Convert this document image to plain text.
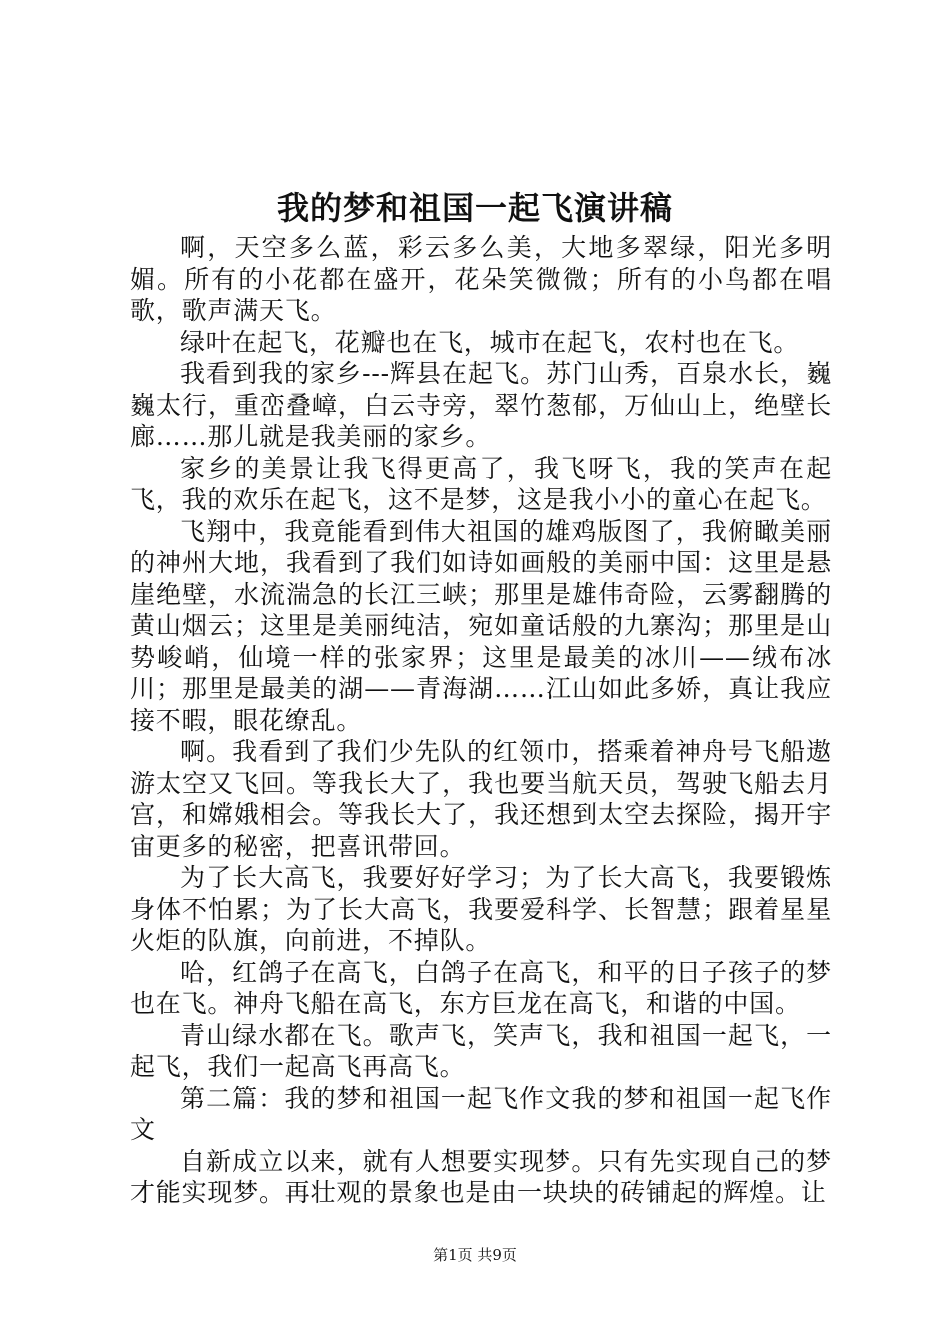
我的梦和祖国一起飞演讲稿

啊，天空多么蓝，彩云多么美，大地多翠绿，阳光多明媚。所有的小花都在盛开，花朵笑微微；所有的小鸟都在唱歌，歌声满天飞。

绿叶在起飞，花瓣也在飞，城市在起飞，农村也在飞。

我看到我的家乡---辉县在起飞。苏门山秀，百泉水长，巍巍太行，重峦叠嶂，白云寺旁，翠竹葱郁，万仙山上，绝壁长廊……那儿就是我美丽的家乡。

家乡的美景让我飞得更高了，我飞呀飞，我的笑声在起飞，我的欢乐在起飞，这不是梦，这是我小小的童心在起飞。

飞翔中，我竟能看到伟大祖国的雄鸡版图了，我俯瞰美丽的神州大地，我看到了我们如诗如画般的美丽中国：这里是悬崖绝壁，水流湍急的长江三峡；那里是雄伟奇险，云雾翻腾的黄山烟云；这里是美丽纯洁，宛如童话般的九寨沟；那里是山势峻峭，仙境一样的张家界；这里是最美的冰川——绒布冰川；那里是最美的湖——青海湖……江山如此多娇，真让我应接不暇，眼花缭乱。

啊。我看到了我们少先队的红领巾，搭乘着神舟号飞船遨游太空又飞回。等我长大了，我也要当航天员，驾驶飞船去月宫，和嫦娥相会。等我长大了，我还想到太空去探险，揭开宇宙更多的秘密，把喜讯带回。

为了长大高飞，我要好好学习；为了长大高飞，我要锻炼身体不怕累；为了长大高飞，我要爱科学、长智慧；跟着星星火炬的队旗，向前进，不掉队。

哈，红鸽子在高飞，白鸽子在高飞，和平的日子孩子的梦也在飞。神舟飞船在高飞，东方巨龙在高飞，和谐的中国。

青山绿水都在飞。歌声飞，笑声飞，我和祖国一起飞，一起飞，我们一起高飞再高飞。

第二篇：我的梦和祖国一起飞作文我的梦和祖国一起飞作文

自新成立以来，就有人想要实现梦。只有先实现自己的梦才能实现梦。再壮观的景象也是由一块块的砖铺起的辉煌。让

第1页 共9页
